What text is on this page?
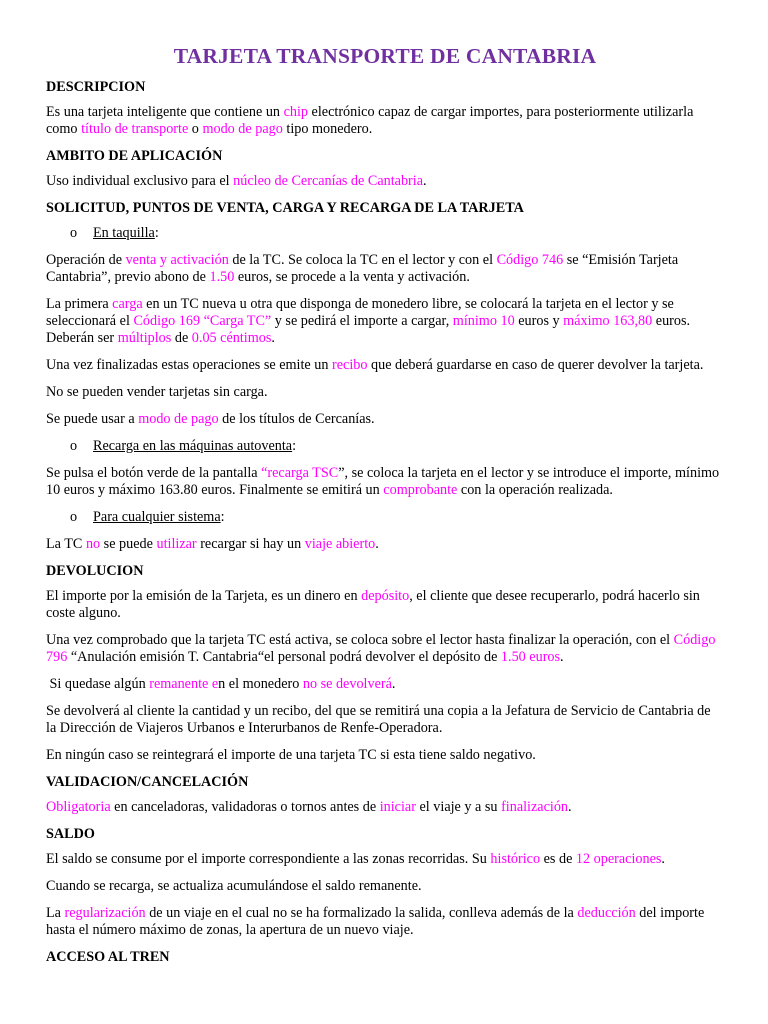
TARJETA TRANSPORTE DE CANTABRIA
DESCRIPCION
Es una tarjeta inteligente que contiene un chip electrónico capaz de cargar importes, para posteriormente utilizarla como título de transporte o modo de pago tipo monedero.
AMBITO DE APLICACIÓN
Uso individual exclusivo para el núcleo de Cercanías de Cantabria.
SOLICITUD, PUNTOS DE VENTA, CARGA Y RECARGA DE LA TARJETA
o En taquilla:
Operación de venta y activación de la TC. Se coloca la TC en el lector y con el Código 746 se “Emisión Tarjeta Cantabria”, previo abono de 1.50 euros, se procede a la venta y activación.
La primera carga en un TC nueva u otra que disponga de monedero libre, se colocará la tarjeta en el lector y se seleccionará el Código 169 “Carga TC” y se pedirá el importe a cargar, mínimo 10 euros y máximo 163,80 euros. Deberán ser múltiplos de 0.05 céntimos.
Una vez finalizadas estas operaciones se emite un recibo que deberá guardarse en caso de querer devolver la tarjeta.
No se pueden vender tarjetas sin carga.
Se puede usar a modo de pago de los títulos de Cercanías.
o Recarga en las máquinas autoventa:
Se pulsa el botón verde de la pantalla “recarga TSC”, se coloca la tarjeta en el lector y se introduce el importe, mínimo 10 euros y máximo 163.80 euros. Finalmente se emitirá un comprobante con la operación realizada.
o Para cualquier sistema:
La TC no se puede utilizar recargar si hay un viaje abierto.
DEVOLUCION
El importe por la emisión de la Tarjeta, es un dinero en depósito, el cliente que desee recuperarlo, podrá hacerlo sin coste alguno.
Una vez comprobado que la tarjeta TC está activa, se coloca sobre el lector hasta finalizar la operación, con el Código 796 “Anulación emisión T. Cantabria“el personal podrá devolver el depósito de 1.50 euros.
Si quedase algún remanente en el monedero no se devolverá.
Se devolverá al cliente la cantidad y un recibo, del que se remitirá una copia a la Jefatura de Servicio de Cantabria de la Dirección de Viajeros Urbanos e Interurbanos de Renfe-Operadora.
En ningún caso se reintegrará el importe de una tarjeta TC si esta tiene saldo negativo.
VALIDACION/CANCELACIÓN
Obligatoria en canceladoras, validadoras o tornos antes de iniciar el viaje y a su finalización.
SALDO
El saldo se consume por el importe correspondiente a las zonas recorridas. Su histórico es de 12 operaciones.
Cuando se recarga, se actualiza acumulándose el saldo remanente.
La regularización de un viaje en el cual no se ha formalizado la salida, conlleva además de la deducción del importe hasta el número máximo de zonas, la apertura de un nuevo viaje.
ACCESO AL TREN
